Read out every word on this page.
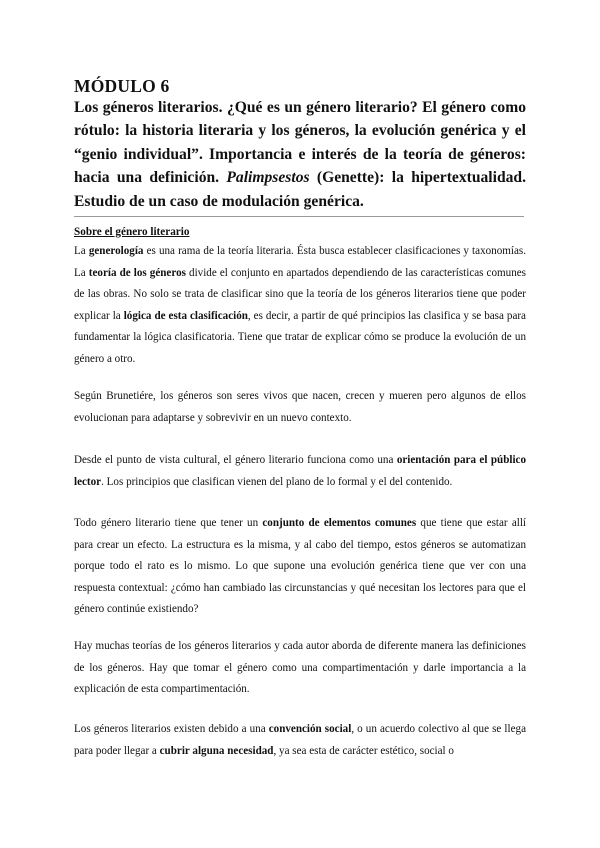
MÓDULO 6

Los géneros literarios. ¿Qué es un género literario? El género como rótulo: la historia literaria y los géneros, la evolución genérica y el “genio individual”. Importancia e interés de la teoría de géneros: hacia una definición. Palimpsestos (Genette): la hipertextualidad. Estudio de un caso de modulación genérica.

Sobre el género literario

La generología es una rama de la teoría literaria. Ésta busca establecer clasificaciones y taxonomías. La teoría de los géneros divide el conjunto en apartados dependiendo de las características comunes de las obras. No solo se trata de clasificar sino que la teoría de los géneros literarios tiene que poder explicar la lógica de esta clasificación, es decir, a partir de qué principios las clasifica y se basa para fundamentar la lógica clasificatoria. Tiene que tratar de explicar cómo se produce la evolución de un género a otro.

Según Brunetiére, los géneros son seres vivos que nacen, crecen y mueren pero algunos de ellos evolucionan para adaptarse y sobrevivir en un nuevo contexto.

Desde el punto de vista cultural, el género literario funciona como una orientación para el público lector. Los principios que clasifican vienen del plano de lo formal y el del contenido.

Todo género literario tiene que tener un conjunto de elementos comunes que tiene que estar allí para crear un efecto. La estructura es la misma, y al cabo del tiempo, estos géneros se automatizan porque todo el rato es lo mismo. Lo que supone una evolución genérica tiene que ver con una respuesta contextual: ¿cómo han cambiado las circunstancias y qué necesitan los lectores para que el género continúe existiendo?

Hay muchas teorías de los géneros literarios y cada autor aborda de diferente manera las definiciones de los géneros. Hay que tomar el género como una compartimentación y darle importancia a la explicación de esta compartimentación.

Los géneros literarios existen debido a una convención social, o un acuerdo colectivo al que se llega para poder llegar a cubrir alguna necesidad, ya sea esta de carácter estético, social o
